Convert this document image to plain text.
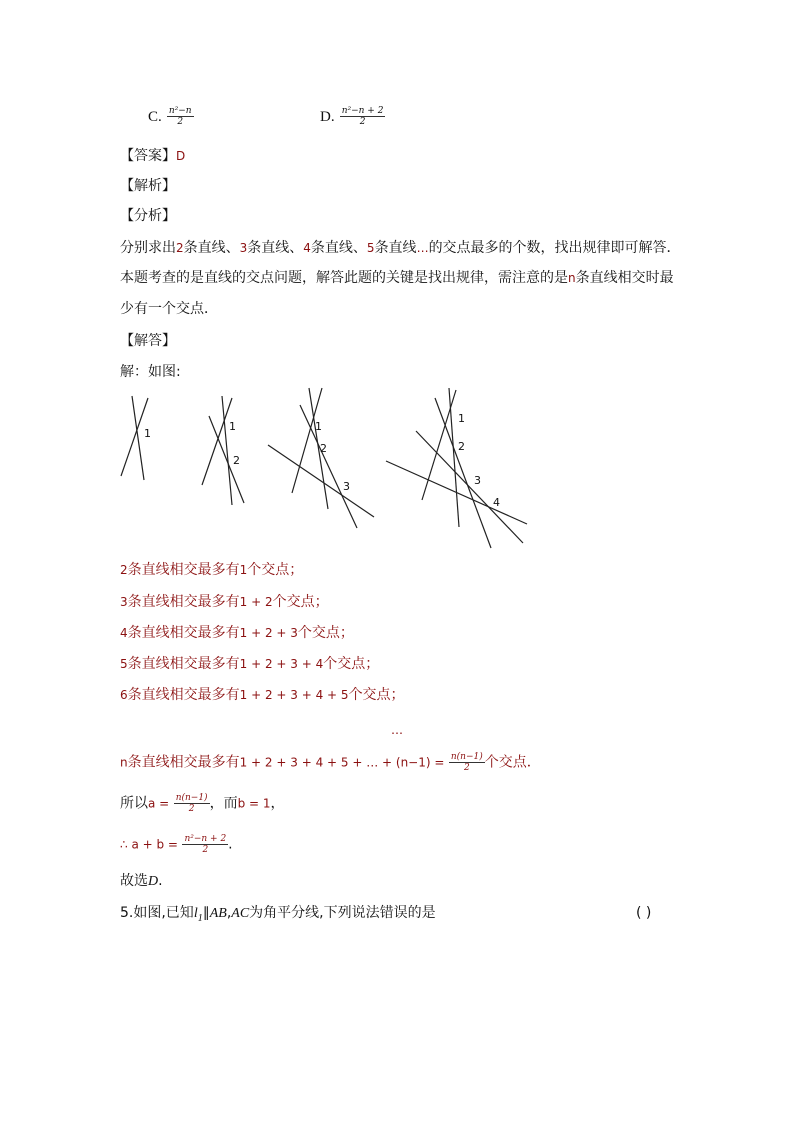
C. $\frac{\text{n²−n}}{2}$	D. $\frac{\text{n²−n + 2}}{2}$
【答案】D
【解析】
【分析】
分别求出2条直线、3条直线、4条直线、5条直线…的交点最多的个数，找出规律即可解答．
本题考查的是直线的交点问题，解答此题的关键是找出规律，需注意的是n条直线相交时最
少有一个交点．
【解答】
解：如图:
1
1
2
1
2
3
1
2
3
4
2条直线相交最多有1个交点；
3条直线相交最多有1 + 2个交点；
4条直线相交最多有1 + 2 + 3个交点；
5条直线相交最多有1 + 2 + 3 + 4个交点；
6条直线相交最多有1 + 2 + 3 + 4 + 5个交点；
…
n条直线相交最多有1 + 2 + 3 + 4 + 5 + … + $(n-1) = \frac{n(n-1)}{2}$ 个交点．
所以$a = \frac{n(n-1)}{2}$ ，而b = 1，
∴ $a + b = \frac{\text{n²−n + 2}}{2}$ .
故选D.
5.如图,已知$l_1\parallel AB,AC$为角平分线,下列说法错误的是	( )
